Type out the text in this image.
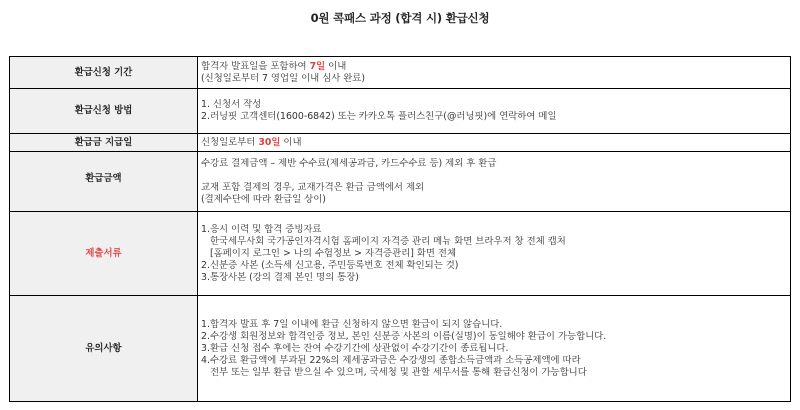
0원 콕패스 과정 (합격 시) 환급신청
환급신청 기간	합격자 발표일을 포함하여 7일 이내
(신청일로부터 7 영업일 이내 심사 완료)

환급신청 방법	1. 신청서 작성
2.러닝핏 고객센터(1600-6842) 또는 카카오톡 플러스친구(@러닝핏)에 연락하여 메일

환급금 지급일	신청일로부터 30일 이내

환급금액	수강료 결제금액 – 제반 수수료(제세공과금, 카드수수료 등) 제외 후 환급
교재 포함 결제의 경우, 교재가격은 환급 금액에서 제외
(결제수단에 따라 환급일 상이)

제출서류	1.응시 이력 및 합격 증빙자료
한국세무사회 국가공인자격시험 홈페이지 자격증 관리 메뉴 화면 브라우저 창 전체 캡처
[홈페이지 로그인 > 나의 수험정보 > 자격증관리] 화면 전체
2.신분증 사본 (소득세 신고용, 주민등록번호 전체 확인되는 것)
3.통장사본 (강의 결제 본인 명의 통장)

유의사항	1.합격자 발표 후 7일 이내에 환급 신청하지 않으면 환급이 되지 않습니다.
2.수강생 회원정보와 합격인증 정보, 본인 신분증 사본의 이름(실명)이 동일해야 환급이 가능합니다.
3.환급 신청 접수 후에는 잔여 수강기간에 상관없이 수강기간이 종료됩니다.
4.수강료 환급액에 부과된 22%의 제세공과금은 수강생의 종합소득금액과 소득공제액에 따라
전부 또는 일부 환급 받으실 수 있으며, 국세청 및 관할 세무서를 통해 환급신청이 가능합니다
